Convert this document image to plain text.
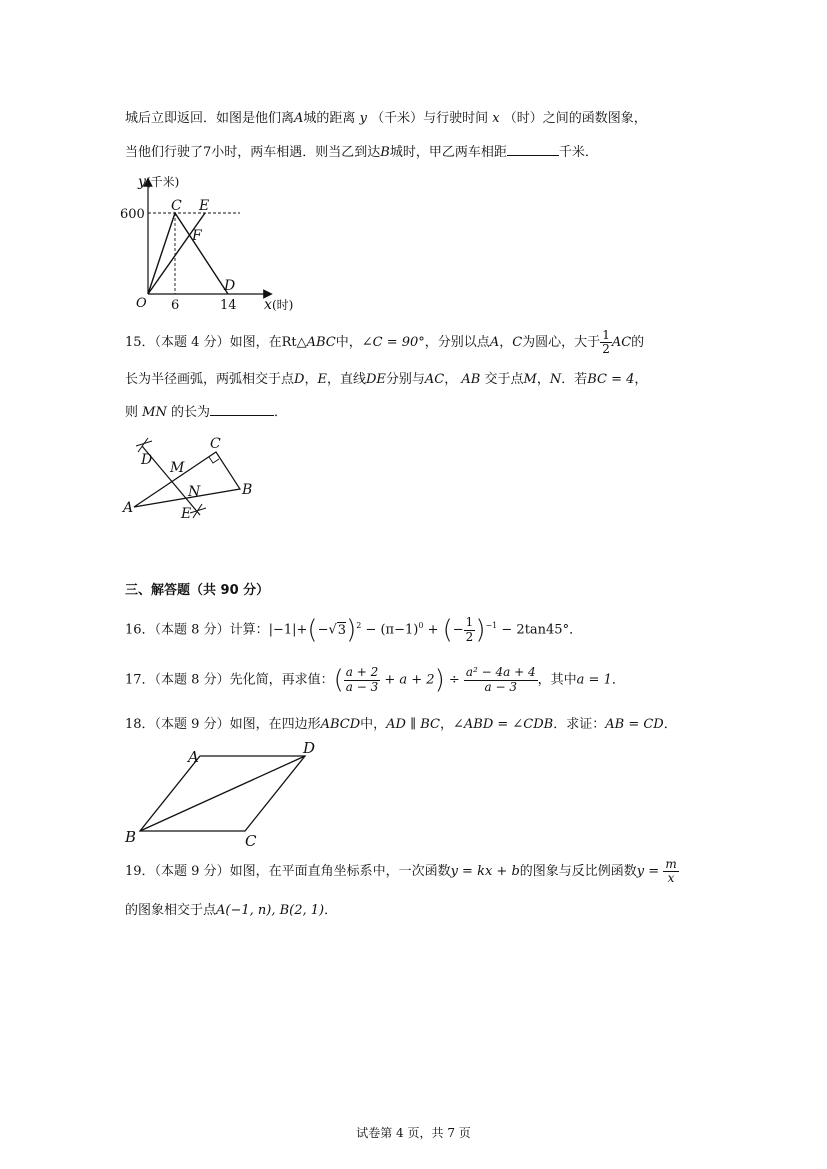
城后立即返回．如图是他们离A城的距离 y （千米）与行驶时间 x （时）之间的函数图象，
当他们行驶了7小时，两车相遇．则当乙到达B城时，甲乙两车相距	千米．
y (千米)
600
O 6	14 x (时)
C E
F
D
15．（本题 4 分）如图，在Rt△ABC中，∠C = 90°，分别以点A，C为圆心，大于 $\frac{1}{2}$ AC的
长为半径画弧，两弧相交于点D，E，直线DE分别与AC， AB 交于点M，N．若BC = 4，
则 MN 的长为	．
C
D M
N	B
A	E
三、解答题（共 90 分）
16．（本题 8 分）计算：$|-1|+(-√3)^2 - (\pi-1)^0$ + (− $\frac{1}{2} )^{-1} - 2\tan 45^\circ$．
17．（本题 8 分）先化简，再求值：( $\frac{a + 2}{a - 3} + a + 2) \div \frac{\text{a² − 4a + 4}}{a - 3}$ ，其中a = 1．
18．（本题 9 分）如图，在四边形ABCD中，AD ∥ BC，∠ABD = ∠CDB．求证：AB = CD．
A	D
B	C
19．（本题 9 分）如图，在平面直角坐标系中，一次函数y = kx + b的图象与反比例函数$y = \frac{m}{x}$
的图象相交于点A(−1, n), B(2, 1)．
试卷第 4 页，共 7 页
